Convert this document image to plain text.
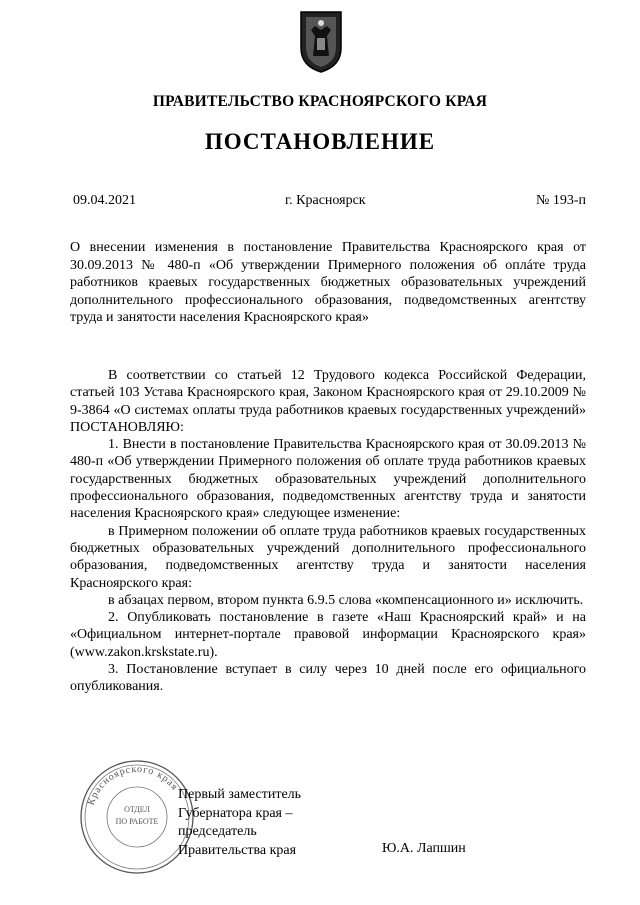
ПРАВИТЕЛЬСТВО КРАСНОЯРСКОГО КРАЯ
ПОСТАНОВЛЕНИЕ
09.04.2021	г. Красноярск	№ 193-п
О внесении изменения в постановление Правительства Красноярского края от 30.09.2013 № 480-п «Об утверждении Примерного положения об оплáте труда работников краевых государственных бюджетных образовательных учреждений дополнительного профессионального образования, подведомственных агентству труда и занятости населения Красноярского края»

В соответствии со статьей 12 Трудового кодекса Российской Федерации, статьей 103 Устава Красноярского края, Законом Красноярского края от 29.10.2009 № 9-3864 «О системах оплаты труда работников краевых государственных учреждений» ПОСТАНОВЛЯЮ:

1. Внести в постановление Правительства Красноярского края от 30.09.2013 № 480-п «Об утверждении Примерного положения об оплате труда работников краевых государственных бюджетных образовательных учреждений дополнительного профессионального образования, подведомственных агентству труда и занятости населения Красноярского края» следующее изменение:

в Примерном положении об оплате труда работников краевых государственных бюджетных образовательных учреждений дополнительного профессионального образования, подведомственных агентству труда и занятости населения Красноярского края:

в абзацах первом, втором пункта 6.9.5 слова «компенсационного и» исключить.

2. Опубликовать постановление в газете «Наш Красноярский край» и на «Официальном интернет-портале правовой информации Красноярского края» (www.zakon.krskstate.ru).

3. Постановление вступает в силу через 10 дней после его официального опубликования.

Красноярского края
ОТДЕЛ
ПО РАБОТЕ
Первый заместитель
Губернатора края –
председатель
Правительства края	Ю.А. Лапшин
